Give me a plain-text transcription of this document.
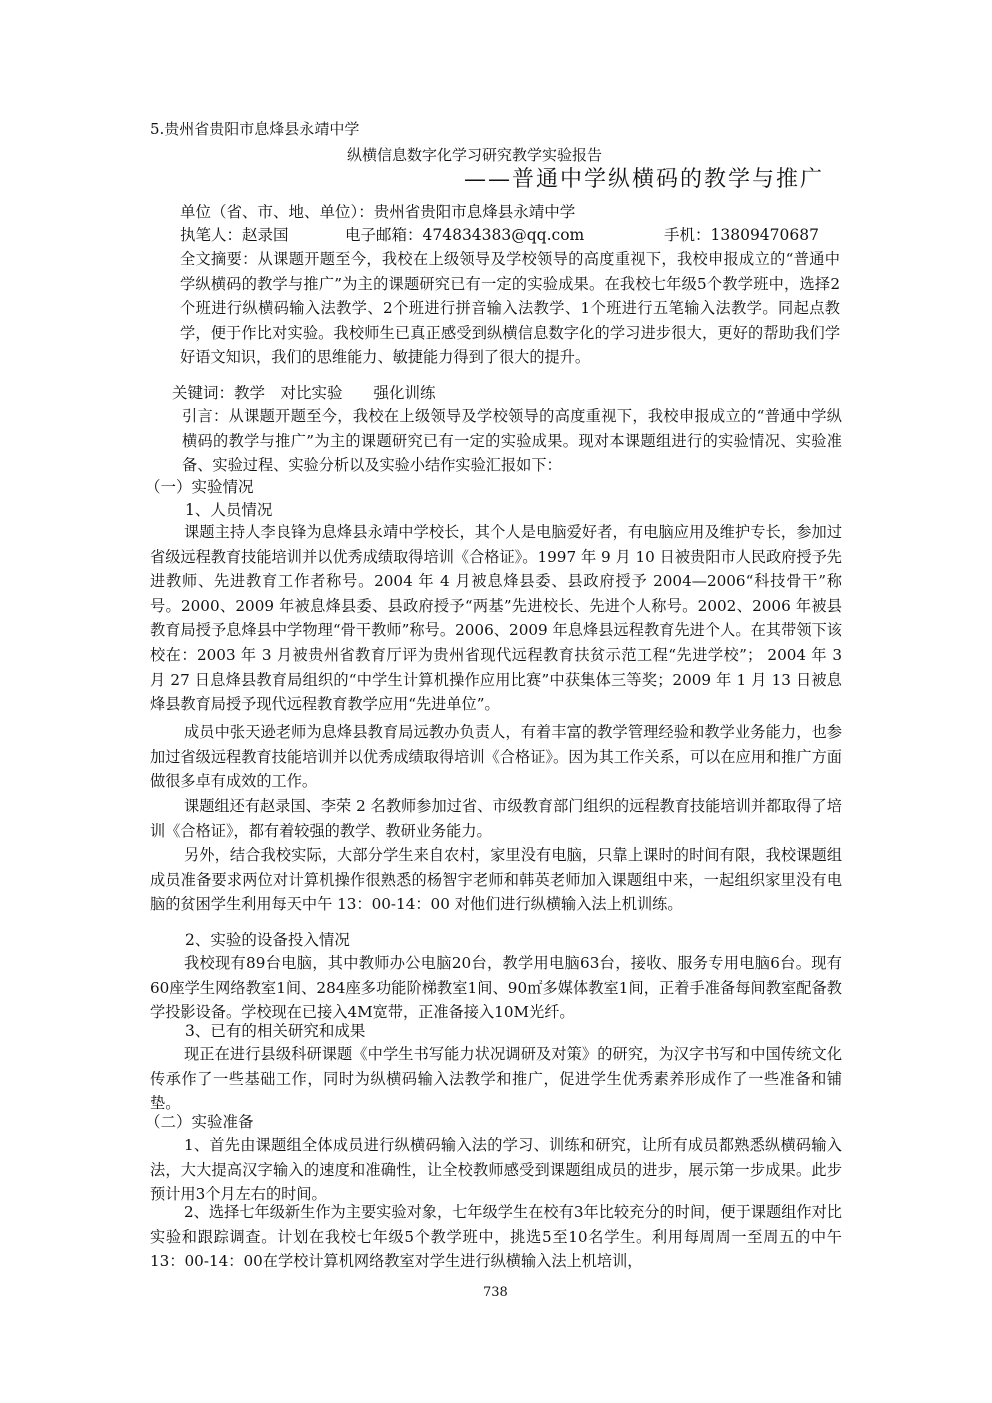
5.贵州省贵阳市息烽县永靖中学
纵横信息数字化学习研究教学实验报告
——普通中学纵横码的教学与推广
单位（省、市、地、单位）：贵州省贵阳市息烽县永靖中学
执笔人：赵录国	电子邮箱：474834383@qq.com	手机：13809470687
全文摘要：从课题开题至今，我校在上级领导及学校领导的高度重视下，我校申报成立的“普通中学纵横码的教学与推广”为主的课题研究已有一定的实验成果。在我校七年级5个教学班中，选择2个班进行纵横码输入法教学、2个班进行拼音输入法教学、1个班进行五笔输入法教学。同起点教学，便于作比对实验。我校师生已真正感受到纵横信息数字化的学习进步很大，更好的帮助我们学好语文知识，我们的思维能力、敏捷能力得到了很大的提升。
关键词：教学　对比实验　　强化训练
引言：从课题开题至今，我校在上级领导及学校领导的高度重视下，我校申报成立的“普通中学纵横码的教学与推广”为主的课题研究已有一定的实验成果。现对本课题组进行的实验情况、实验准备、实验过程、实验分析以及实验小结作实验汇报如下：
（一）实验情况
1、人员情况
课题主持人李良锋为息烽县永靖中学校长，其个人是电脑爱好者，有电脑应用及维护专长，参加过省级远程教育技能培训并以优秀成绩取得培训《合格证》。1997 年 9 月 10 日被贵阳市人民政府授予先进教师、先进教育工作者称号。2004 年 4 月被息烽县委、县政府授予 2004—2006“科技骨干”称号。2000、2009 年被息烽县委、县政府授予“两基”先进校长、先进个人称号。2002、2006 年被县教育局授予息烽县中学物理“骨干教师”称号。2006、2009 年息烽县远程教育先进个人。在其带领下该校在：2003 年 3 月被贵州省教育厅评为贵州省现代远程教育扶贫示范工程“先进学校”； 2004 年 3 月 27 日息烽县教育局组织的“中学生计算机操作应用比赛”中获集体三等奖；2009 年 1 月 13 日被息烽县教育局授予现代远程教育教学应用“先进单位”。
成员中张天逊老师为息烽县教育局远教办负责人，有着丰富的教学管理经验和教学业务能力，也参加过省级远程教育技能培训并以优秀成绩取得培训《合格证》。因为其工作关系，可以在应用和推广方面做很多卓有成效的工作。
课题组还有赵录国、李荣 2 名教师参加过省、市级教育部门组织的远程教育技能培训并都取得了培训《合格证》，都有着较强的教学、教研业务能力。
另外，结合我校实际，大部分学生来自农村，家里没有电脑，只靠上课时的时间有限，我校课题组成员准备要求两位对计算机操作很熟悉的杨智宇老师和韩英老师加入课题组中来，一起组织家里没有电脑的贫困学生利用每天中午 13：00-14：00 对他们进行纵横输入法上机训练。
2、实验的设备投入情况
我校现有89台电脑，其中教师办公电脑20台，教学用电脑63台，接收、服务专用电脑6台。现有60座学生网络教室1间、284座多功能阶梯教室1间、90㎡多媒体教室1间，正着手准备每间教室配备教学投影设备。学校现在已接入4M宽带，正准备接入10M光纤。
3、已有的相关研究和成果
现正在进行县级科研课题《中学生书写能力状况调研及对策》的研究，为汉字书写和中国传统文化传承作了一些基础工作，同时为纵横码输入法教学和推广，促进学生优秀素养形成作了一些准备和铺垫。
（二）实验准备
1、首先由课题组全体成员进行纵横码输入法的学习、训练和研究，让所有成员都熟悉纵横码输入法，大大提高汉字输入的速度和准确性，让全校教师感受到课题组成员的进步，展示第一步成果。此步预计用3个月左右的时间。
2、选择七年级新生作为主要实验对象，七年级学生在校有3年比较充分的时间，便于课题组作对比实验和跟踪调查。计划在我校七年级5个教学班中，挑选5至10名学生。利用每周周一至周五的中午13：00-14：00在学校计算机网络教室对学生进行纵横输入法上机培训，
738
